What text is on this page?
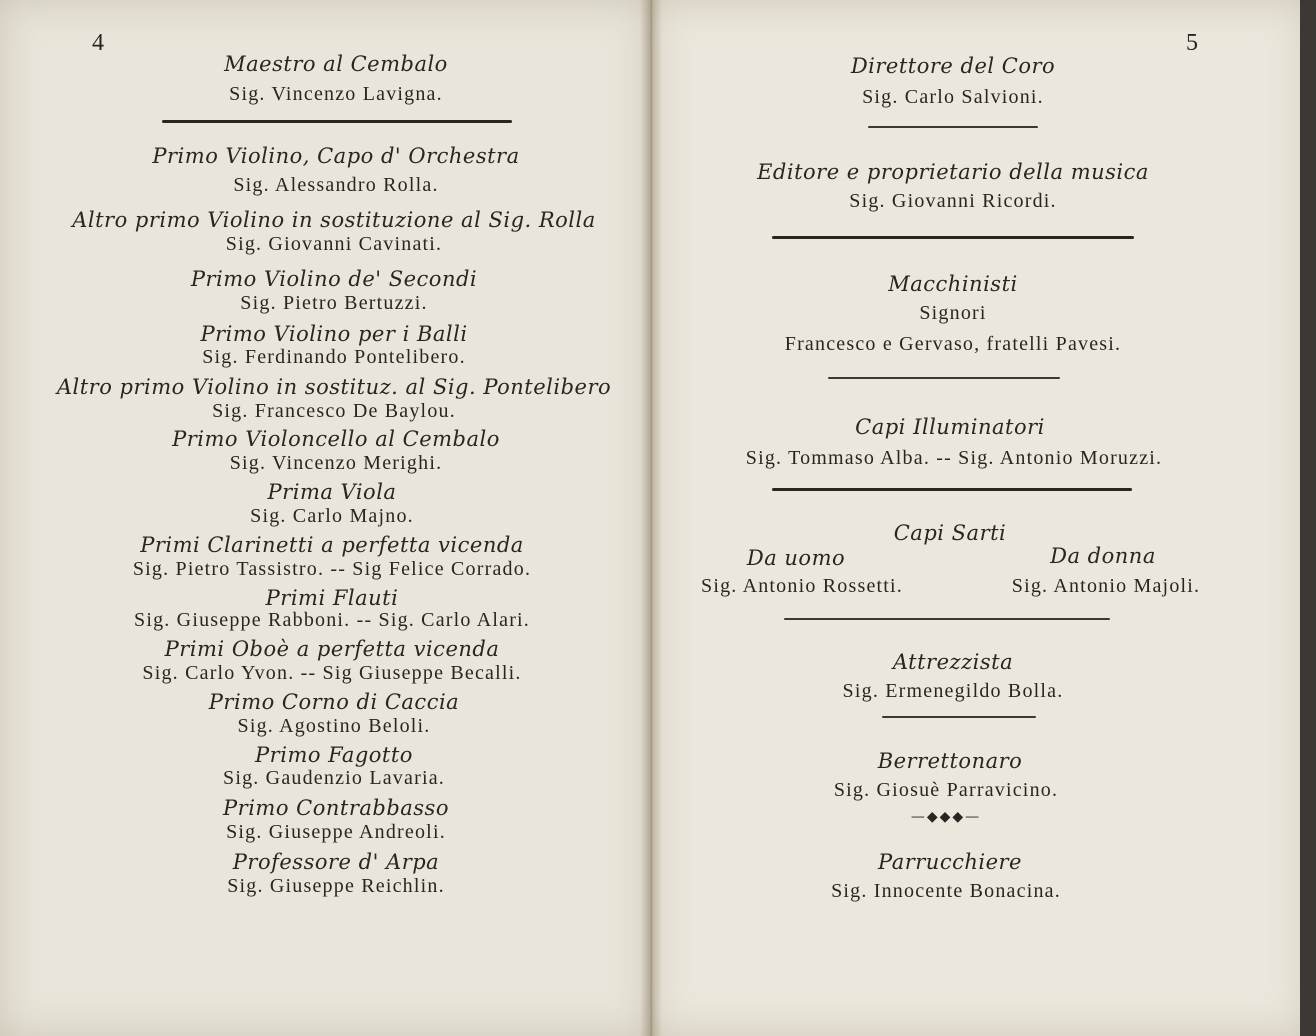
4
Maestro al Cembalo
Sig. Vincenzo Lavigna.
Primo Violino, Capo d' Orchestra
Sig. Alessandro Rolla.
Altro primo Violino in sostituzione al Sig. Rolla
Sig. Giovanni Cavinati.
Primo Violino de' Secondi
Sig. Pietro Bertuzzi.
Primo Violino per i Balli
Sig. Ferdinando Pontelibero.
Altro primo Violino in sostituz. al Sig. Pontelibero
Sig. Francesco De Baylou.
Primo Violoncello al Cembalo
Sig. Vincenzo Merighi.
Prima Viola
Sig. Carlo Majno.
Primi Clarinetti a perfetta vicenda
Sig. Pietro Tassistro. -- Sig Felice Corrado.
Primi Flauti
Sig. Giuseppe Rabboni. -- Sig. Carlo Alari.
Primi Oboè a perfetta vicenda
Sig. Carlo Yvon. -- Sig Giuseppe Becalli.
Primo Corno di Caccia
Sig. Agostino Beloli.
Primo Fagotto
Sig. Gaudenzio Lavaria.
Primo Contrabbasso
Sig. Giuseppe Andreoli.
Professore d' Arpa
Sig. Giuseppe Reichlin.
5
Direttore del Coro
Sig. Carlo Salvioni.
Editore e proprietario della musica
Sig. Giovanni Ricordi.
Macchinisti
Signori
Francesco e Gervaso, fratelli Pavesi.
Capi Illuminatori
Sig. Tommaso Alba. -- Sig. Antonio Moruzzi.
Capi Sarti
Da uomo	Da donna
Sig. Antonio Rossetti.	Sig. Antonio Majoli.
Attrezzista
Sig. Ermenegildo Bolla.
Berrettonaro
Sig. Giosuè Parravicino.
—◆◆◆—
Parrucchiere
Sig. Innocente Bonacina.
